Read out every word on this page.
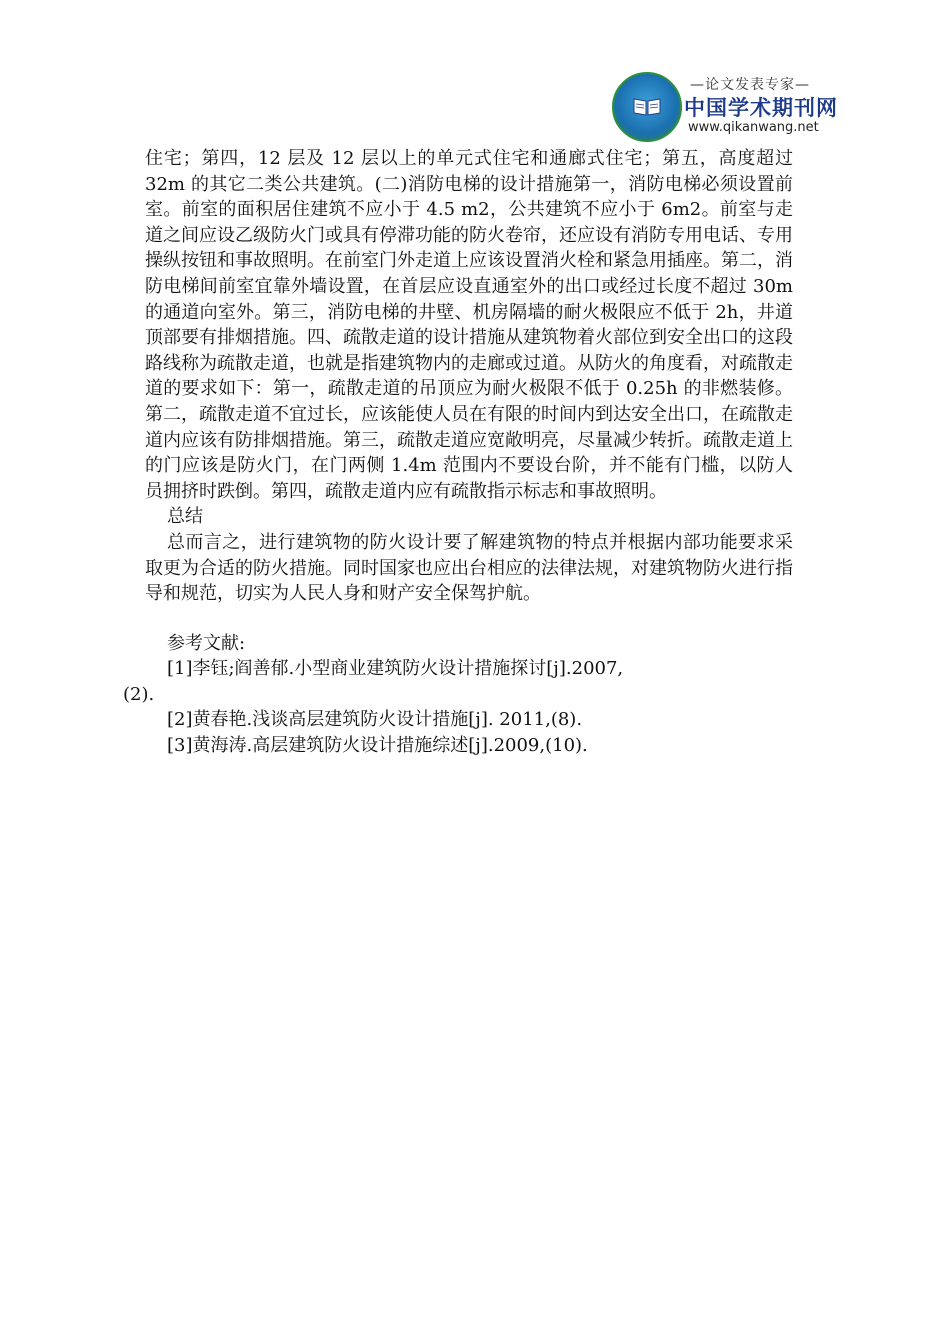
—论文发表专家—
中国学术期刊网
www.qikanwang.net

住宅；第四，12 层及 12 层以上的单元式住宅和通廊式住宅；第五，高度超过 32m 的其它二类公共建筑。(二)消防电梯的设计措施第一，消防电梯必须设置前室。前室的面积居住建筑不应小于 4.5 m2，公共建筑不应小于 6m2。前室与走道之间应设乙级防火门或具有停滞功能的防火卷帘，还应设有消防专用电话、专用操纵按钮和事故照明。在前室门外走道上应该设置消火栓和紧急用插座。第二，消防电梯间前室宜靠外墙设置，在首层应设直通室外的出口或经过长度不超过 30m 的通道向室外。第三，消防电梯的井壁、机房隔墙的耐火极限应不低于 2h，井道顶部要有排烟措施。四、疏散走道的设计措施从建筑物着火部位到安全出口的这段路线称为疏散走道，也就是指建筑物内的走廊或过道。从防火的角度看，对疏散走道的要求如下：第一，疏散走道的吊顶应为耐火极限不低于 0.25h 的非燃装修。第二，疏散走道不宜过长，应该能使人员在有限的时间内到达安全出口，在疏散走道内应该有防排烟措施。第三，疏散走道应宽敞明亮，尽量减少转折。疏散走道上的门应该是防火门，在门两侧 1.4m 范围内不要设台阶，并不能有门槛，以防人员拥挤时跌倒。第四，疏散走道内应有疏散指示标志和事故照明。

总结

总而言之，进行建筑物的防火设计要了解建筑物的特点并根据内部功能要求采取更为合适的防火措施。同时国家也应出台相应的法律法规，对建筑物防火进行指导和规范，切实为人民人身和财产安全保驾护航。

参考文献:

[1]李钰;阎善郁.小型商业建筑防火设计措施探讨[j].2007,
(2).

[2]黄春艳.浅谈高层建筑防火设计措施[j]. 2011,(8).

[3]黄海涛.高层建筑防火设计措施综述[j].2009,(10).
